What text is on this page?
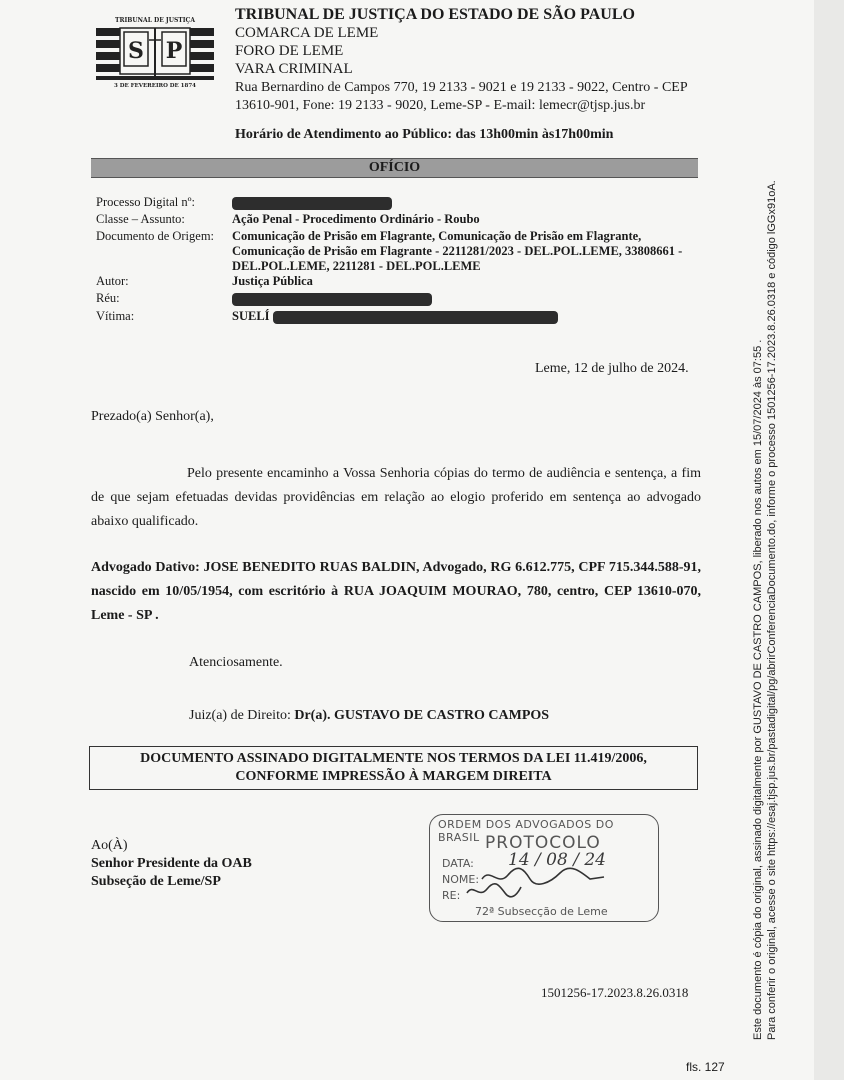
TRIBUNAL DE JUSTIÇA
S P
3 DE FEVEREIRO DE 1874
TRIBUNAL DE JUSTIÇA DO ESTADO DE SÃO PAULO
COMARCA DE LEME
FORO DE LEME
VARA CRIMINAL
Rua Bernardino de Campos 770, 19 2133 - 9021 e 19 2133 - 9022, Centro - CEP 13610-901, Fone: 19 2133 - 9020, Leme-SP - E-mail: lemecr@tjsp.jus.br
Horário de Atendimento ao Público: das 13h00min às17h00min
OFÍCIO
Processo Digital nº:
Classe – Assunto:	Ação Penal - Procedimento Ordinário - Roubo
Documento de Origem: Comunicação de Prisão em Flagrante, Comunicação de Prisão em Flagrante, Comunicação de Prisão em Flagrante - 2211281/2023 - DEL.POL.LEME, 33808661 - DEL.POL.LEME, 2211281 - DEL.POL.LEME
Autor:	Justiça Pública
Réu:
Vítima:	SUELÍ
Leme, 12 de julho de 2024.
Prezado(a) Senhor(a),
Pelo presente encaminho a Vossa Senhoria cópias do termo de audiência e sentença, a fim de que sejam efetuadas devidas providências em relação ao elogio proferido em sentença ao advogado abaixo qualificado.
Advogado Dativo: JOSE BENEDITO RUAS BALDIN, Advogado, RG 6.612.775, CPF 715.344.588-91, nascido em 10/05/1954, com escritório à RUA JOAQUIM MOURAO, 780, centro, CEP 13610-070, Leme - SP .
Atenciosamente.
Juiz(a) de Direito: Dr(a). GUSTAVO DE CASTRO CAMPOS
DOCUMENTO ASSINADO DIGITALMENTE NOS TERMOS DA LEI 11.419/2006,
CONFORME IMPRESSÃO À MARGEM DIREITA
Ao(À)
Senhor Presidente da OAB
Subseção de Leme/SP
ORDEM DOS ADVOGADOS DO BRASIL PROTOCOLO
DATA: 14 / 08 / 24
NOME:
RE:
72ª Subsecção de Leme
1501256-17.2023.8.26.0318	Este documento é cópia do original, assinado digitalmente por GUSTAVO DE CASTRO CAMPOS, liberado nos autos em 15/07/2024 às 07:55 . Para conferir o original, acesse o site https://esaj.tjsp.jus.br/pastadigital/pg/abrirConferenciaDocumento.do, informe o processo 1501256-17.2023.8.26.0318 e código lGGx91oA.
fls. 127
